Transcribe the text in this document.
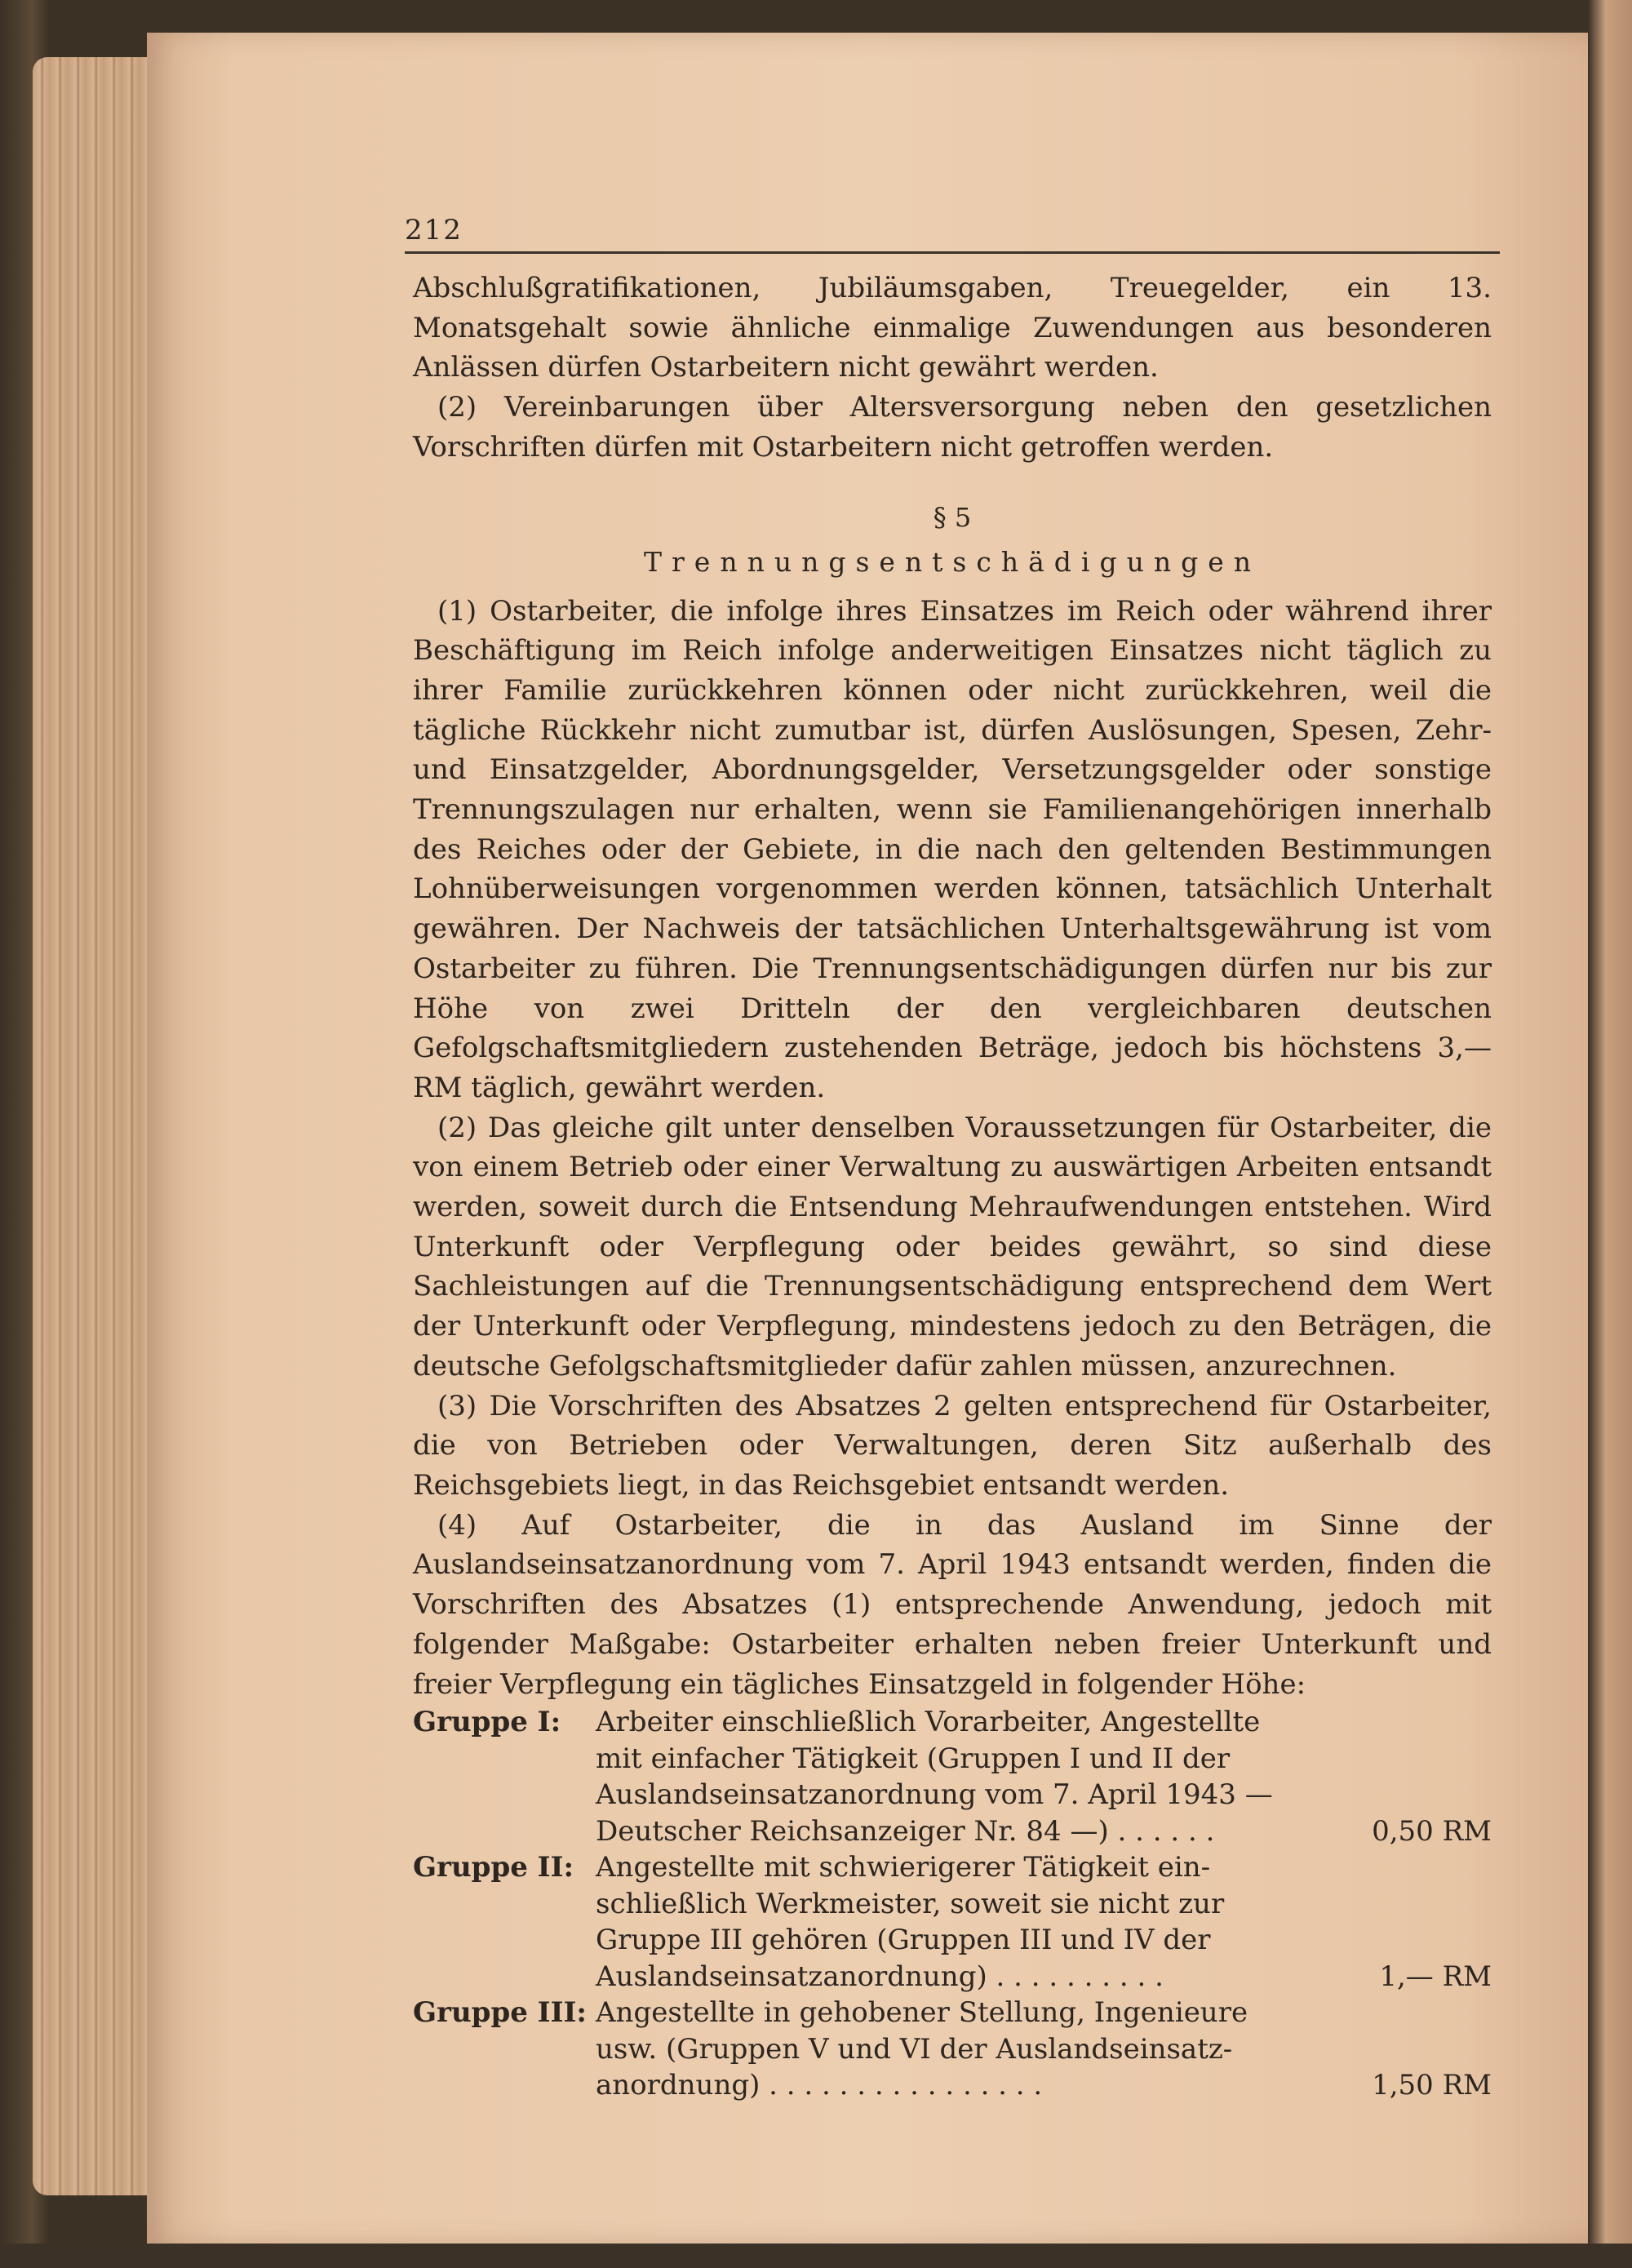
212

Abschlußgratifikationen, Jubiläumsgaben, Treuegelder, ein 13. Monatsgehalt sowie ähnliche einmalige Zuwendungen aus besonderen Anlässen dürfen Ostarbeitern nicht gewährt werden.

(2) Vereinbarungen über Altersversorgung neben den gesetzlichen Vorschriften dürfen mit Ostarbeitern nicht getroffen werden.

§ 5
Trennungsentschädigungen

(1) Ostarbeiter, die infolge ihres Einsatzes im Reich oder während ihrer Beschäftigung im Reich infolge anderweitigen Einsatzes nicht täglich zu ihrer Familie zurückkehren können oder nicht zurückkehren, weil die tägliche Rückkehr nicht zumutbar ist, dürfen Auslösungen, Spesen, Zehr- und Einsatzgelder, Abordnungsgelder, Versetzungsgelder oder sonstige Trennungszulagen nur erhalten, wenn sie Familienangehörigen innerhalb des Reiches oder der Gebiete, in die nach den geltenden Bestimmungen Lohnüberweisungen vorgenommen werden können, tatsächlich Unterhalt gewähren. Der Nachweis der tatsächlichen Unterhaltsgewährung ist vom Ostarbeiter zu führen. Die Trennungsentschädigungen dürfen nur bis zur Höhe von zwei Dritteln der den vergleichbaren deutschen Gefolgschaftsmitgliedern zustehenden Beträge, jedoch bis höchstens 3,— RM täglich, gewährt werden.

(2) Das gleiche gilt unter denselben Voraussetzungen für Ostarbeiter, die von einem Betrieb oder einer Verwaltung zu auswärtigen Arbeiten entsandt werden, soweit durch die Entsendung Mehraufwendungen entstehen. Wird Unterkunft oder Verpflegung oder beides gewährt, so sind diese Sachleistungen auf die Trennungsentschädigung entsprechend dem Wert der Unterkunft oder Verpflegung, mindestens jedoch zu den Beträgen, die deutsche Gefolgschaftsmitglieder dafür zahlen müssen, anzurechnen.

(3) Die Vorschriften des Absatzes 2 gelten entsprechend für Ostarbeiter, die von Betrieben oder Verwaltungen, deren Sitz außerhalb des Reichsgebiets liegt, in das Reichsgebiet entsandt werden.

(4) Auf Ostarbeiter, die in das Ausland im Sinne der Auslandseinsatzanordnung vom 7. April 1943 entsandt werden, finden die Vorschriften des Absatzes (1) entsprechende Anwendung, jedoch mit folgender Maßgabe: Ostarbeiter erhalten neben freier Unterkunft und freier Verpflegung ein tägliches Einsatzgeld in folgender Höhe:

Gruppe I:	Arbeiter einschließlich Vorarbeiter, Angestellte
mit einfacher Tätigkeit (Gruppen I und II der
Auslandseinsatzanordnung vom 7. April 1943 —
Deutscher Reichsanzeiger Nr. 84 —) . . . . . .	0,50 RM
Gruppe II: Angestellte mit schwierigerer Tätigkeit ein-
schließlich Werkmeister, soweit sie nicht zur
Gruppe III gehören (Gruppen III und IV der
Auslandseinsatzanordnung) . . . . . . . . . .	1,— RM
Gruppe III: Angestellte in gehobener Stellung, Ingenieure
usw. (Gruppen V und VI der Auslandseinsatz-
anordnung) . . . . . . . . . . . . . . . .	1,50 RM
